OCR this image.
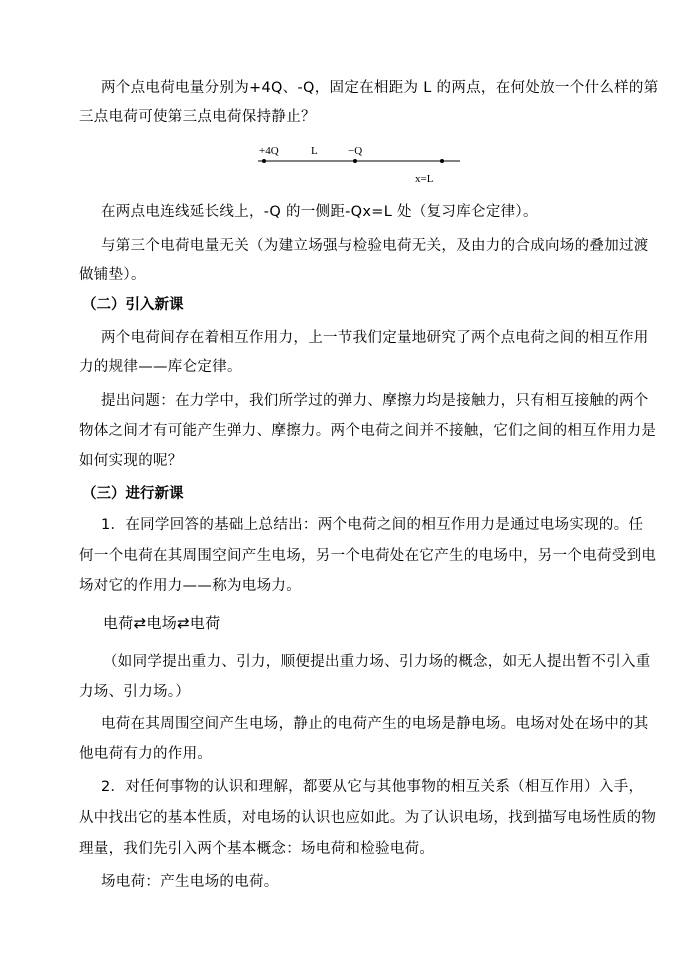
两个点电荷电量分别为+4Q、-Q，固定在相距为 L 的两点，在何处放一个什么样的第
三点电荷可使第三点电荷保持静止？
+4Q	L	−Q
x=L
在两点电连线延长线上，-Q 的一侧距-Qx=L 处（复习库仑定律）。
与第三个电荷电量无关（为建立场强与检验电荷无关，及由力的合成向场的叠加过渡
做铺垫）。
（二）引入新课
两个电荷间存在着相互作用力，上一节我们定量地研究了两个点电荷之间的相互作用
力的规律——库仑定律。
提出问题：在力学中，我们所学过的弹力、摩擦力均是接触力，只有相互接触的两个
物体之间才有可能产生弹力、摩擦力。两个电荷之间并不接触，它们之间的相互作用力是
如何实现的呢？
（三）进行新课
1．在同学回答的基础上总结出：两个电荷之间的相互作用力是通过电场实现的。任
何一个电荷在其周围空间产生电场，另一个电荷处在它产生的电场中，另一个电荷受到电
场对它的作用力——称为电场力。
电荷⇄电场⇄电荷
（如同学提出重力、引力，顺便提出重力场、引力场的概念，如无人提出暂不引入重
力场、引力场。）
电荷在其周围空间产生电场，静止的电荷产生的电场是静电场。电场对处在场中的其
他电荷有力的作用。
2．对任何事物的认识和理解，都要从它与其他事物的相互关系（相互作用）入手，
从中找出它的基本性质，对电场的认识也应如此。为了认识电场，找到描写电场性质的物
理量，我们先引入两个基本概念：场电荷和检验电荷。
场电荷：产生电场的电荷。
